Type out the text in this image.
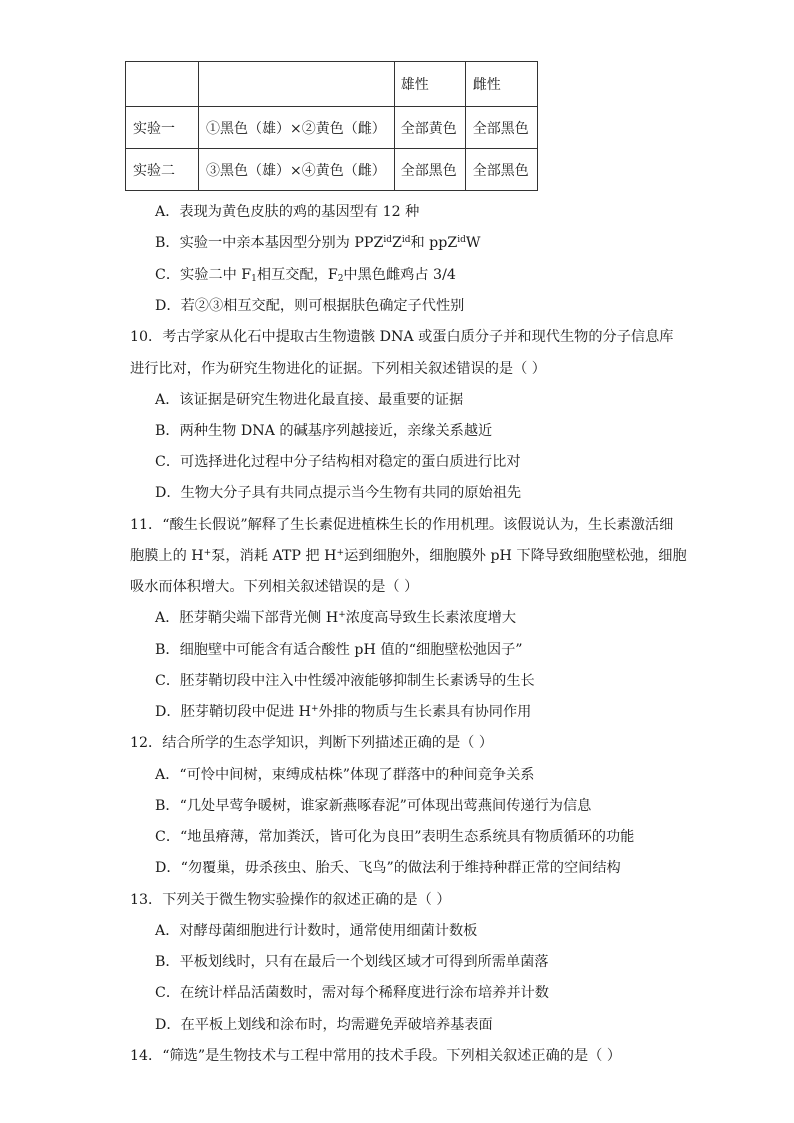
		雄性	雌性
实验一	①黑色（雄）×②黄色（雌）	全部黄色	全部黑色
实验二	③黑色（雄）×④黄色（雌）	全部黑色	全部黑色
A．表现为黄色皮肤的鸡的基因型有 12 种
B．实验一中亲本基因型分别为 $PPZ^{id}Z^{id}$和 ppZ$^{id}$W
C．实验二中 $F_1$相互交配，$F_2$中黑色雌鸡占 3/4
D．若②③相互交配，则可根据肤色确定子代性别
10．考古学家从化石中提取古生物遗骸 DNA 或蛋白质分子并和现代生物的分子信息库
进行比对，作为研究生物进化的证据。下列相关叙述错误的是（ ）
A．该证据是研究生物进化最直接、最重要的证据
B．两种生物 DNA 的碱基序列越接近，亲缘关系越近
C．可选择进化过程中分子结构相对稳定的蛋白质进行比对
D．生物大分子具有共同点提示当今生物有共同的原始祖先
11．“酸生长假说”解释了生长素促进植株生长的作用机理。该假说认为，生长素激活细
胞膜上的 H+泵，消耗 ATP 把 H+运到细胞外，细胞膜外 pH 下降导致细胞壁松弛，细胞
吸水而体积增大。下列相关叙述错误的是（ ）
A．胚芽鞘尖端下部背光侧 H+浓度高导致生长素浓度增大
B．细胞壁中可能含有适合酸性 pH 值的“细胞壁松弛因子”
C．胚芽鞘切段中注入中性缓冲液能够抑制生长素诱导的生长
D．胚芽鞘切段中促进 H+外排的物质与生长素具有协同作用
12．结合所学的生态学知识，判断下列描述正确的是（ ）
A．“可怜中间树，束缚成枯株”体现了群落中的种间竞争关系
B．“几处早莺争暖树，谁家新燕啄春泥”可体现出莺燕间传递行为信息
C．“地虽瘠薄，常加粪沃，皆可化为良田”表明生态系统具有物质循环的功能
D．“勿覆巢，毋杀孩虫、胎夭、飞鸟”的做法利于维持种群正常的空间结构
13．下列关于微生物实验操作的叙述正确的是（ ）
A．对酵母菌细胞进行计数时，通常使用细菌计数板
B．平板划线时，只有在最后一个划线区域才可得到所需单菌落
C．在统计样品活菌数时，需对每个稀释度进行涂布培养并计数
D．在平板上划线和涂布时，均需避免弄破培养基表面
14．“筛选”是生物技术与工程中常用的技术手段。下列相关叙述正确的是（ ）
